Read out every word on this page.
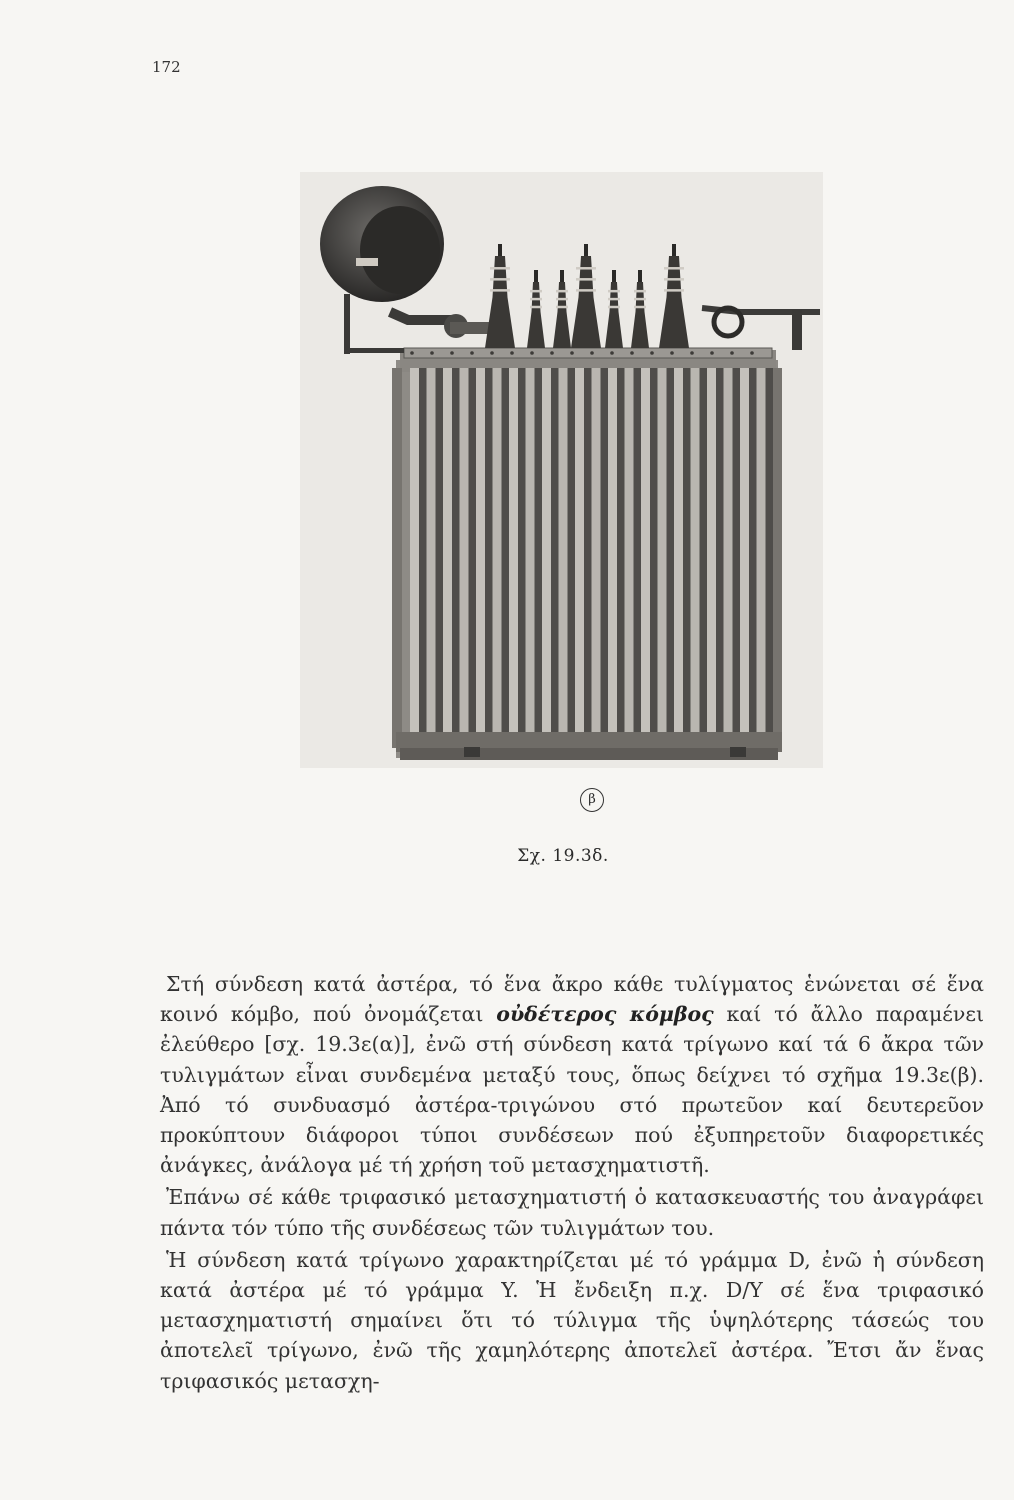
172
β
Σχ. 19.3δ.

Στή σύνδεση κατά ἀστέρα, τό ἕνα ἄκρο κάθε τυλίγματος ἑνώνεται σέ ἕνα κοινό κόμβο, πού ὀνομάζεται οὐδέτερος κόμβος καί τό ἄλλο παραμένει ἐλεύθερο [σχ. 19.3ε(α)], ἐνῶ στή σύνδεση κατά τρίγωνο καί τά 6 ἄκρα τῶν τυλιγμάτων εἶναι συνδεμένα μεταξύ τους, ὅπως δείχνει τό σχῆμα 19.3ε(β). Ἀπό τό συνδυασμό ἀστέρα-τριγώνου στό πρωτεῦον καί δευτερεῦον προκύπτουν διάφοροι τύποι συνδέσεων πού ἐξυπηρετοῦν διαφορετικές ἀνάγκες, ἀνάλογα μέ τή χρήση τοῦ μετασχηματιστῆ.

Ἐπάνω σέ κάθε τριφασικό μετασχηματιστή ὁ κατασκευαστής του ἀναγράφει πάντα τόν τύπο τῆς συνδέσεως τῶν τυλιγμάτων του.

Ἡ σύνδεση κατά τρίγωνο χαρακτηρίζεται μέ τό γράμμα D, ἐνῶ ἡ σύνδεση κατά ἀστέρα μέ τό γράμμα Y. Ἡ ἔνδειξη π.χ. D/Y σέ ἕνα τριφασικό μετασχηματιστή σημαίνει ὅτι τό τύλιγμα τῆς ὑψηλότερης τάσεώς του ἀποτελεῖ τρίγωνο, ἐνῶ τῆς χαμηλότερης ἀποτελεῖ ἀστέρα. Ἔτσι ἄν ἕνας τριφασικός μετασχη-
